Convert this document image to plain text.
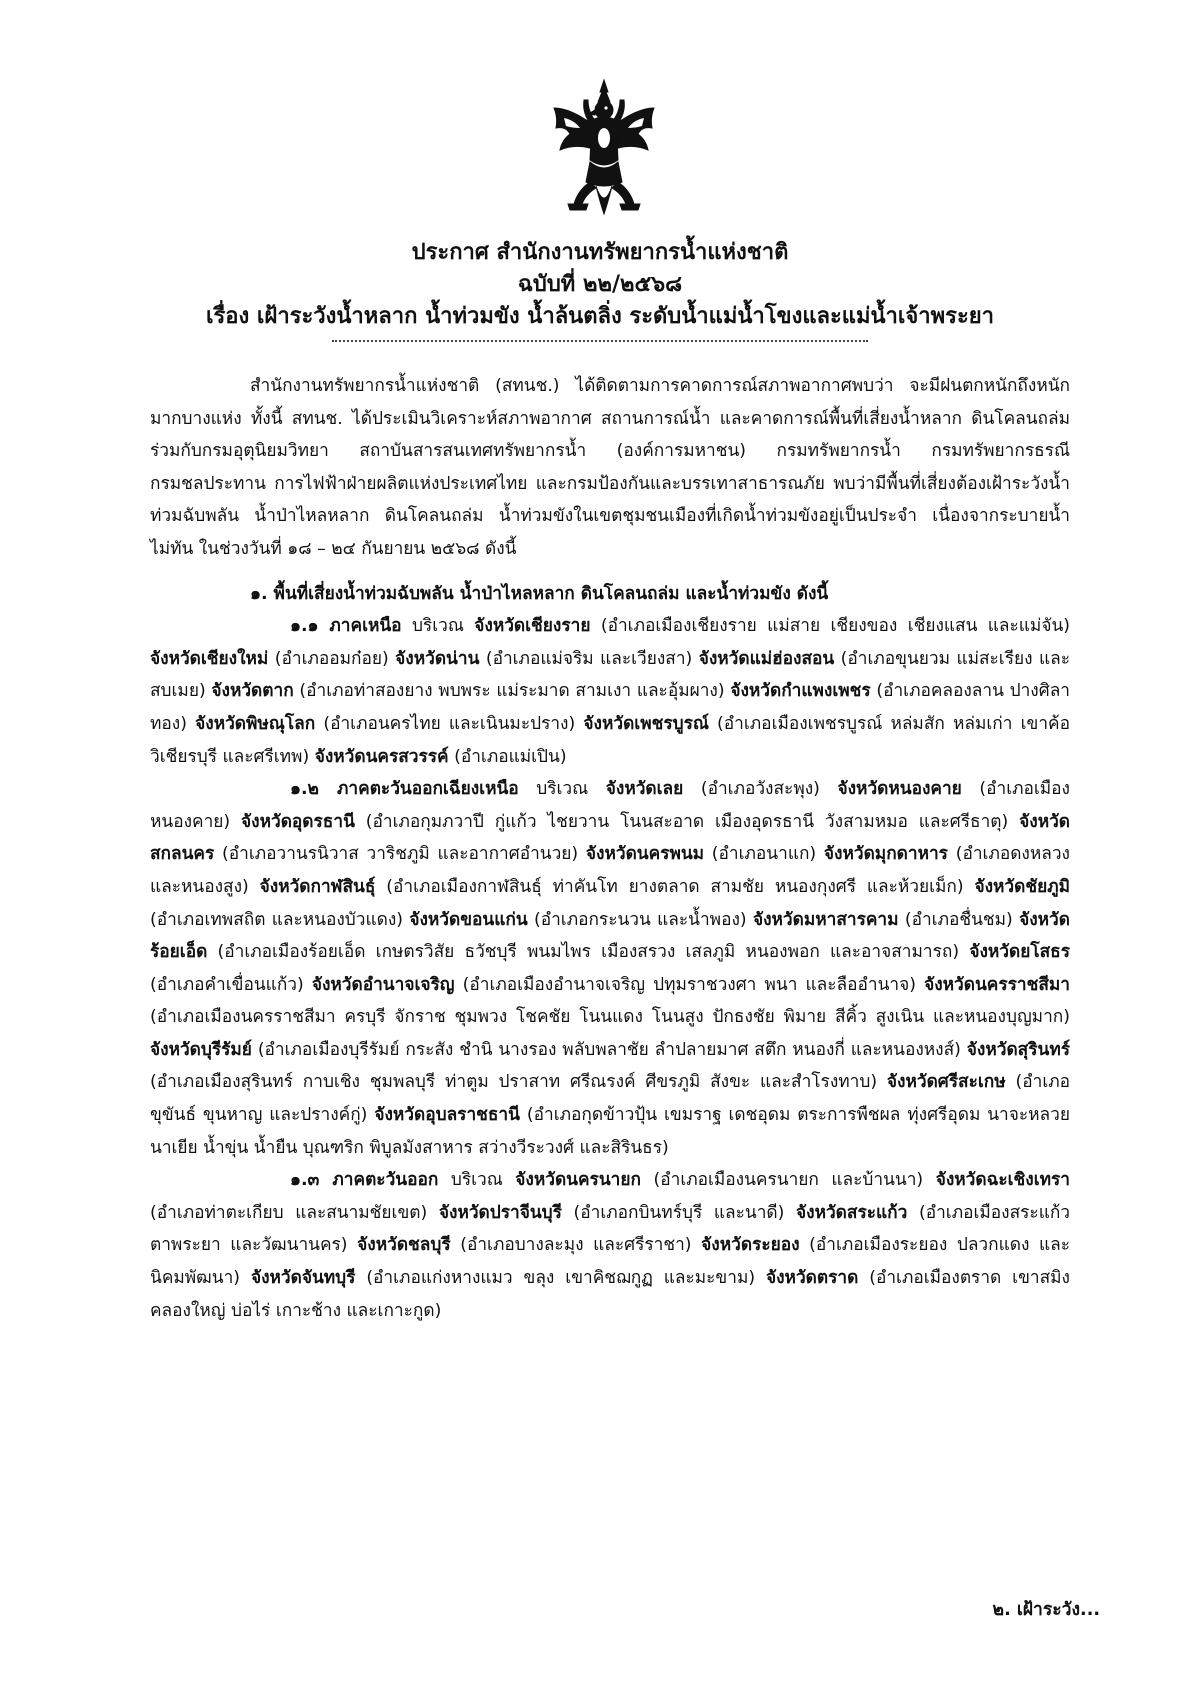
ประกาศ สำนักงานทรัพยากรน้ำแห่งชาติ
ฉบับที่ ๒๒/๒๕๖๘
เรื่อง เฝ้าระวังน้ำหลาก น้ำท่วมขัง น้ำล้นตลิ่ง ระดับน้ำแม่น้ำโขงและแม่น้ำเจ้าพระยา

สำนักงานทรัพยากรน้ำแห่งชาติ (สทนช.) ได้ติดตามการคาดการณ์สภาพอากาศพบว่า จะมีฝนตกหนักถึงหนักมากบางแห่ง ทั้งนี้ สทนช. ได้ประเมินวิเคราะห์สภาพอากาศ สถานการณ์น้ำ และคาดการณ์พื้นที่เสี่ยงน้ำหลาก ดินโคลนถล่ม ร่วมกับกรมอุตุนิยมวิทยา สถาบันสารสนเทศทรัพยากรน้ำ (องค์การมหาชน) กรมทรัพยากรน้ำ กรมทรัพยากรธรณี กรมชลประทาน การไฟฟ้าฝ่ายผลิตแห่งประเทศไทย และกรมป้องกันและบรรเทาสาธารณภัย พบว่ามีพื้นที่เสี่ยงต้องเฝ้าระวังน้ำท่วมฉับพลัน น้ำป่าไหลหลาก ดินโคลนถล่ม น้ำท่วมขังในเขตชุมชนเมืองที่เกิดน้ำท่วมขังอยู่เป็นประจำ เนื่องจากระบายน้ำไม่ทัน ในช่วงวันที่ ๑๘ – ๒๔ กันยายน ๒๕๖๘ ดังนี้

๑. พื้นที่เสี่ยงน้ำท่วมฉับพลัน น้ำป่าไหลหลาก ดินโคลนถล่ม และน้ำท่วมขัง ดังนี้

๑.๑ ภาคเหนือ บริเวณ จังหวัดเชียงราย (อำเภอเมืองเชียงราย แม่สาย เชียงของ เชียงแสน และแม่จัน) จังหวัดเชียงใหม่ (อำเภออมก๋อย) จังหวัดน่าน (อำเภอแม่จริม และเวียงสา) จังหวัดแม่ฮ่องสอน (อำเภอขุนยวม แม่สะเรียง และสบเมย) จังหวัดตาก (อำเภอท่าสองยาง พบพระ แม่ระมาด สามเงา และอุ้มผาง) จังหวัดกำแพงเพชร (อำเภอคลองลาน ปางศิลาทอง) จังหวัดพิษณุโลก (อำเภอนครไทย และเนินมะปราง) จังหวัดเพชรบูรณ์ (อำเภอเมืองเพชรบูรณ์ หล่มสัก หล่มเก่า เขาค้อ วิเชียรบุรี และศรีเทพ) จังหวัดนครสวรรค์ (อำเภอแม่เปิน)

๑.๒ ภาคตะวันออกเฉียงเหนือ บริเวณ จังหวัดเลย (อำเภอวังสะพุง) จังหวัดหนองคาย (อำเภอเมืองหนองคาย) จังหวัดอุดรธานี (อำเภอกุมภวาปี กู่แก้ว ไชยวาน โนนสะอาด เมืองอุดรธานี วังสามหมอ และศรีธาตุ) จังหวัดสกลนคร (อำเภอวานรนิวาส วาริชภูมิ และอากาศอำนวย) จังหวัดนครพนม (อำเภอนาแก) จังหวัดมุกดาหาร (อำเภอดงหลวง และหนองสูง) จังหวัดกาฬสินธุ์ (อำเภอเมืองกาฬสินธุ์ ท่าคันโท ยางตลาด สามชัย หนองกุงศรี และห้วยเม็ก) จังหวัดชัยภูมิ (อำเภอเทพสถิต และหนองบัวแดง) จังหวัดขอนแก่น (อำเภอกระนวน และน้ำพอง) จังหวัดมหาสารคาม (อำเภอชื่นชม) จังหวัดร้อยเอ็ด (อำเภอเมืองร้อยเอ็ด เกษตรวิสัย ธวัชบุรี พนมไพร เมืองสรวง เสลภูมิ หนองพอก และอาจสามารถ) จังหวัดยโสธร (อำเภอคำเขื่อนแก้ว) จังหวัดอำนาจเจริญ (อำเภอเมืองอำนาจเจริญ ปทุมราชวงศา พนา และลืออำนาจ) จังหวัดนครราชสีมา (อำเภอเมืองนครราชสีมา ครบุรี จักราช ชุมพวง โชคชัย โนนแดง โนนสูง ปักธงชัย พิมาย สีคิ้ว สูงเนิน และหนองบุญมาก) จังหวัดบุรีรัมย์ (อำเภอเมืองบุรีรัมย์ กระสัง ชำนิ นางรอง พลับพลาชัย ลำปลายมาศ สตึก หนองกี่ และหนองหงส์) จังหวัดสุรินทร์ (อำเภอเมืองสุรินทร์ กาบเชิง ชุมพลบุรี ท่าตูม ปราสาท ศรีณรงค์ ศีขรภูมิ สังขะ และสำโรงทาบ) จังหวัดศรีสะเกษ (อำเภอขุขันธ์ ขุนหาญ และปรางค์กู่) จังหวัดอุบลราชธานี (อำเภอกุดข้าวปุ้น เขมราฐ เดชอุดม ตระการพืชผล ทุ่งศรีอุดม นาจะหลวย นาเยีย น้ำขุ่น น้ำยืน บุณฑริก พิบูลมังสาหาร สว่างวีระวงศ์ และสิรินธร)

๑.๓ ภาคตะวันออก บริเวณ จังหวัดนครนายก (อำเภอเมืองนครนายก และบ้านนา) จังหวัดฉะเชิงเทรา (อำเภอท่าตะเกียบ และสนามชัยเขต) จังหวัดปราจีนบุรี (อำเภอกบินทร์บุรี และนาดี) จังหวัดสระแก้ว (อำเภอเมืองสระแก้ว ตาพระยา และวัฒนานคร) จังหวัดชลบุรี (อำเภอบางละมุง และศรีราชา) จังหวัดระยอง (อำเภอเมืองระยอง ปลวกแดง และนิคมพัฒนา) จังหวัดจันทบุรี (อำเภอแก่งหางแมว ขลุง เขาคิชฌกูฏ และมะขาม) จังหวัดตราด (อำเภอเมืองตราด เขาสมิง คลองใหญ่ บ่อไร่ เกาะช้าง และเกาะกูด)

๒. เฝ้าระวัง...
